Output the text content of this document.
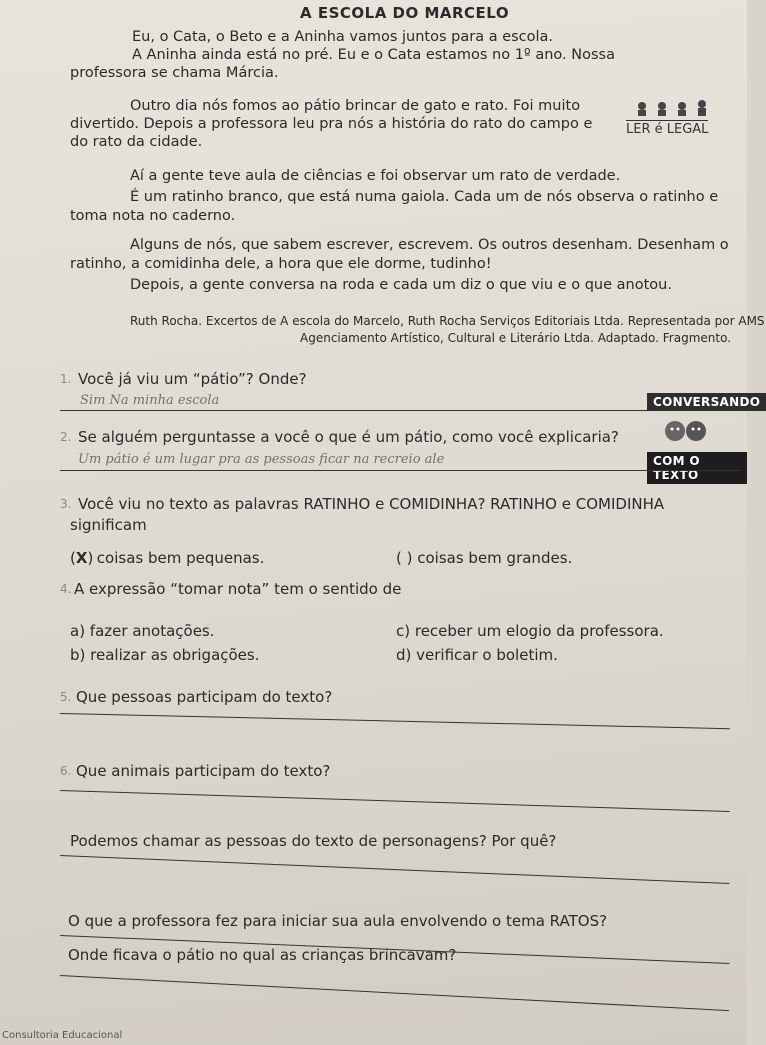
A ESCOLA DO MARCELO
Eu, o Cata, o Beto e a Aninha vamos juntos para a escola.
A Aninha ainda está no pré. Eu e o Cata estamos no 1º ano. Nossa
professora se chama Márcia.
Outro dia nós fomos ao pátio brincar de gato e rato. Foi muito
divertido. Depois a professora leu pra nós a história do rato do campo e
do rato da cidade.
LER é LEGAL
Aí a gente teve aula de ciências e foi observar um rato de verdade.
É um ratinho branco, que está numa gaiola. Cada um de nós observa o ratinho e
toma nota no caderno.
Alguns de nós, que sabem escrever, escrevem. Os outros desenham. Desenham o
ratinho, a comidinha dele, a hora que ele dorme, tudinho!
Depois, a gente conversa na roda e cada um diz o que viu e o que anotou.
Ruth Rocha. Excertos de A escola do Marcelo, Ruth Rocha Serviços Editoriais Ltda. Representada por AMS
Agenciamento Artístico, Cultural e Literário Ltda. Adaptado. Fragmento.
1. Você já viu um “pátio”? Onde?
Sim Na minha escola	CONVERSANDO
2. Se alguém perguntasse a você o que é um pátio, como você explicaria?
COM O TEXTO
Um pátio é um lugar pra as pessoas ficar na recreio ale
3. Você viu no texto as palavras RATINHO e COMIDINHA? RATINHO e COMIDINHA
significam
(X) coisas bem pequenas.	( ) coisas bem grandes.
4. A expressão “tomar nota” tem o sentido de
a) fazer anotações.
b) realizar as obrigações.
c) receber um elogio da professora.
d) verificar o boletim.
5. Que pessoas participam do texto?
6. Que animais participam do texto?
Podemos chamar as pessoas do texto de personagens? Por quê?
O que a professora fez para iniciar sua aula envolvendo o tema RATOS?
Onde ficava o pátio no qual as crianças brincavam?
Consultoria Educacional
